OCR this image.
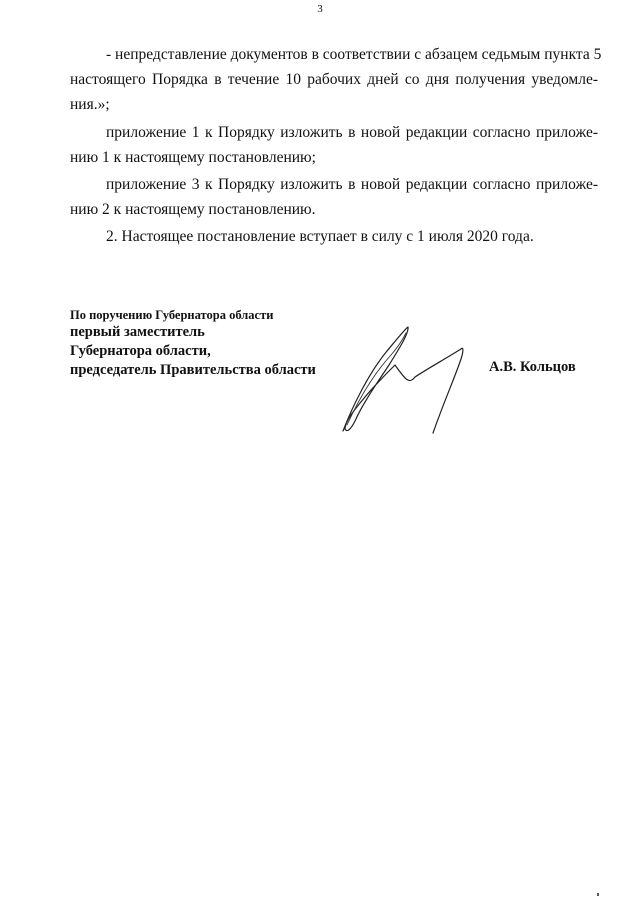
3
- непредставление документов в соответствии с абзацем седьмым пункта 5
настоящего Порядка в течение 10 рабочих дней со дня получения уведомле-
ния.»;
приложение 1 к Порядку изложить в новой редакции согласно приложе-
нию 1 к настоящему постановлению;
приложение 3 к Порядку изложить в новой редакции согласно приложе-
нию 2 к настоящему постановлению.
2. Настоящее постановление вступает в силу с 1 июля 2020 года.
По поручению Губернатора области
первый заместитель
Губернатора области,
председатель Правительства области	А.В. Кольцов
